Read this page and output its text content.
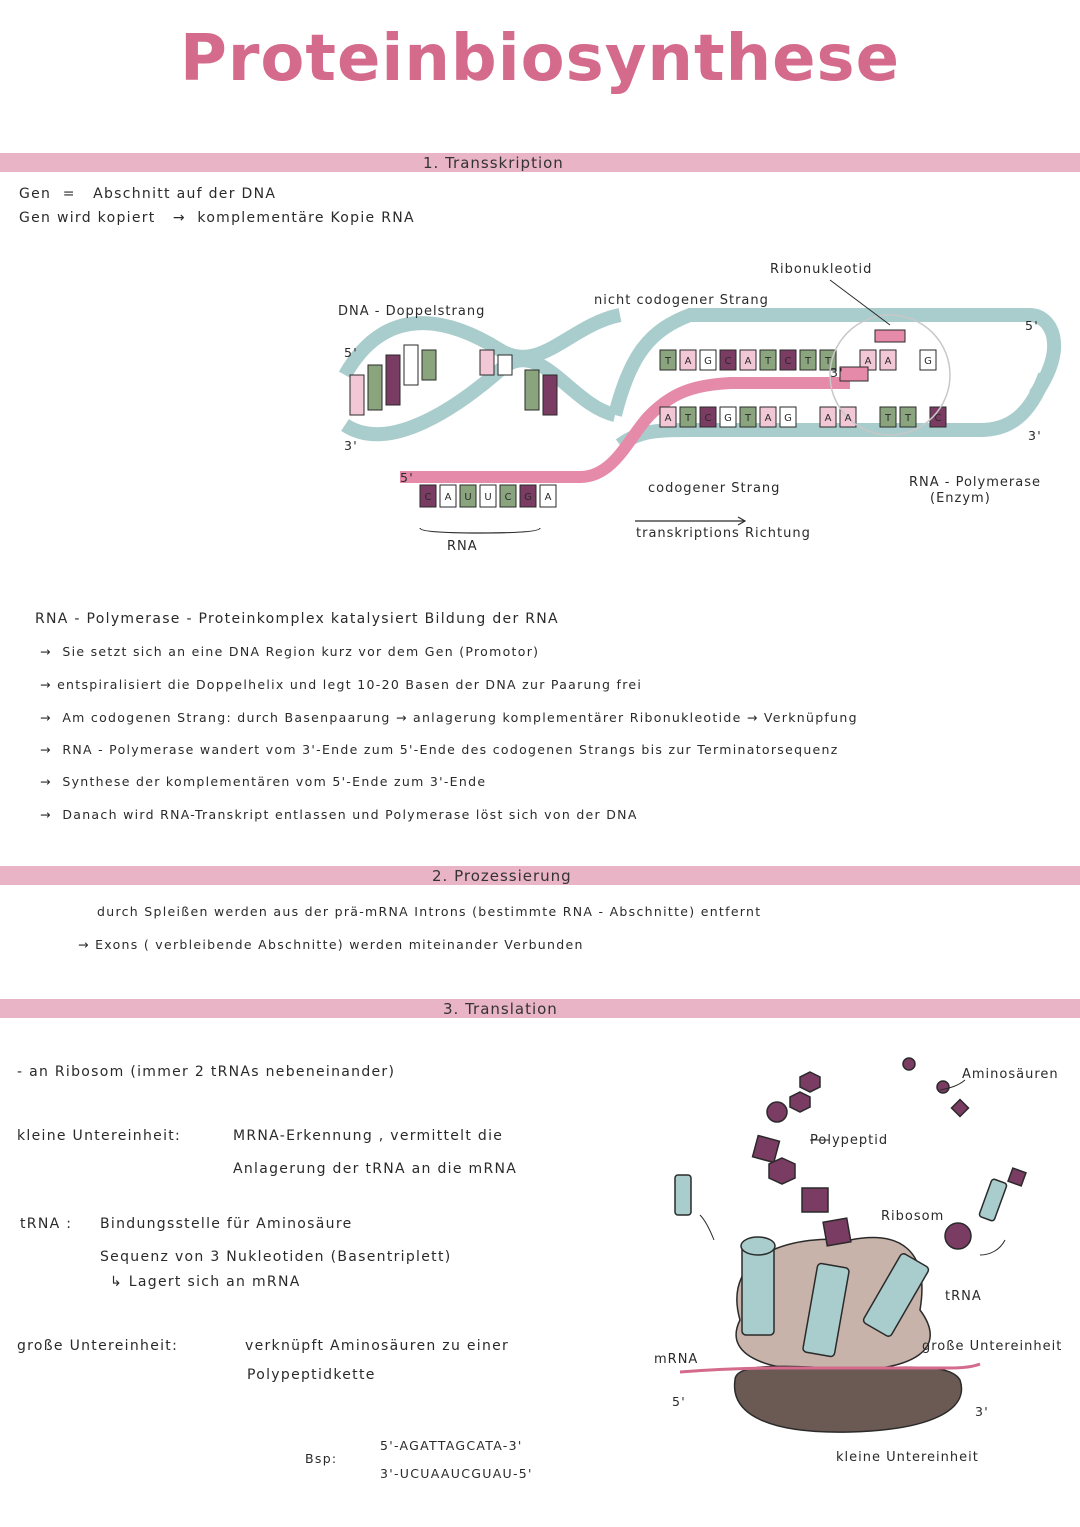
Proteinbiosynthese
1. Transskription
Gen = Abschnitt auf der DNA
Gen wird kopiert → komplementäre Kopie RNA
T A G C A T C T T	A A	G
A T C G T A G	A A	T T C
C A U U C G A
Ribonukleotid
nicht codogener Strang
DNA - Doppelstrang
5'
3'
5'
3'
5'
3'
codogener Strang
RNA
transkriptions Richtung
RNA - Polymerase
(Enzym)
RNA - Polymerase - Proteinkomplex katalysiert Bildung der RNA
→ Sie setzt sich an eine DNA Region kurz vor dem Gen (Promotor)
→ entspiralisiert die Doppelhelix und legt 10-20 Basen der DNA zur Paarung frei
→ Am codogenen Strang: durch Basenpaarung → anlagerung komplementärer Ribonukleotide → Verknüpfung
→ RNA - Polymerase wandert vom 3'-Ende zum 5'-Ende des codogenen Strangs bis zur Terminatorsequenz
→ Synthese der komplementären vom 5'-Ende zum 3'-Ende
→ Danach wird RNA-Transkript entlassen und Polymerase löst sich von der DNA
2. Prozessierung
durch Spleißen werden aus der prä-mRNA Introns (bestimmte RNA - Abschnitte) entfernt
→ Exons ( verbleibende Abschnitte) werden miteinander Verbunden
3. Translation
- an Ribosom (immer 2 tRNAs nebeneinander)
kleine Untereinheit:	MRNA-Erkennung , vermittelt die
Anlagerung der tRNA an die mRNA
tRNA : Bindungsstelle für Aminosäure
Sequenz von 3 Nukleotiden (Basentriplett)
↳ Lagert sich an mRNA
große Untereinheit:	verknüpft Aminosäuren zu einer
Polypeptidkette
Bsp:
5'-AGATTAGCATA-3'
3'-UCUAAUCGUAU-5'
Aminosäuren
Polypeptid
Ribosom
tRNA
große Untereinheit
mRNA
5'
3'
kleine Untereinheit
